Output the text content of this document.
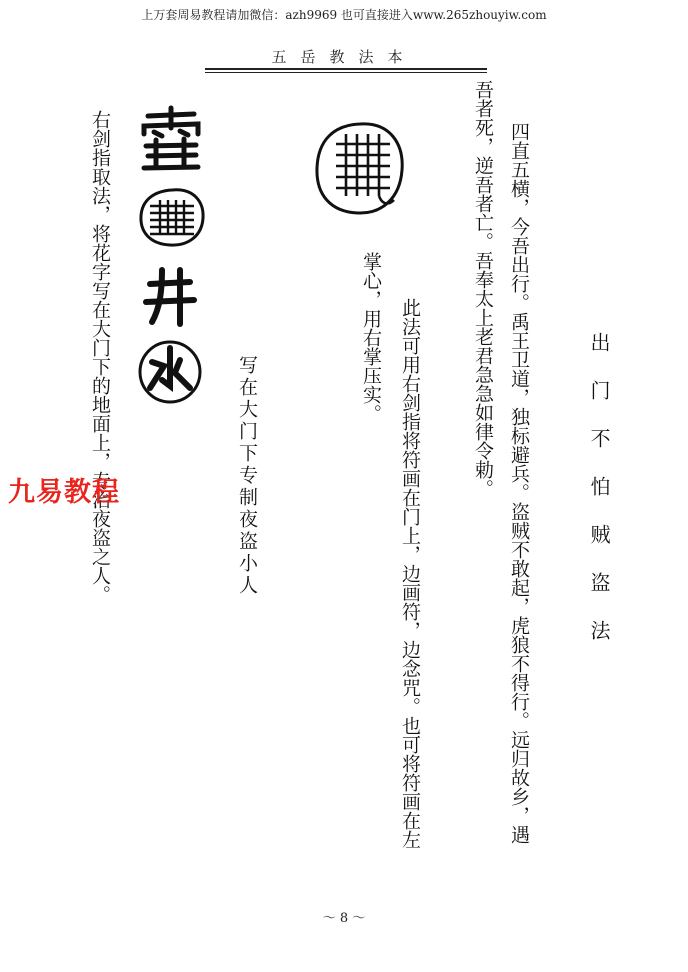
上万套周易教程请加微信：azh9969 也可直接进入www.265zhouyiw.com
五岳教法本
出门不怕贼盗法
四直五横，今吾出行。禹王卫道，独标避兵。盗贼不敢起，虎狼不得行。远归故乡，遇
吾者死，逆吾者亡。吾奉太上老君急急如律令勅。
此法可用右剑指将符画在门上，边画符，边念咒。也可将符画在左
掌心，用右掌压实。
写在大门下专制夜盗小人
右剑指取法，将花字写在大门下的地面上，专治夜盗之人。
九易教程
～ 8 ～
